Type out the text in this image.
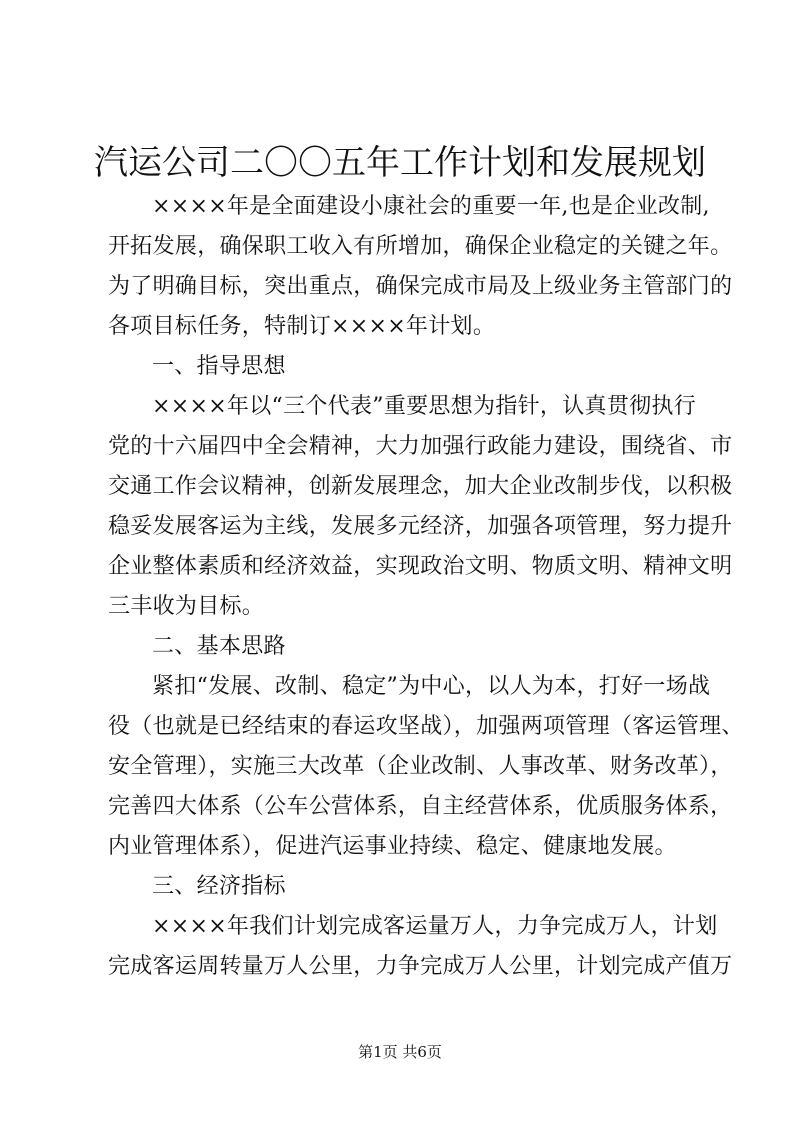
汽运公司二〇〇五年工作计划和发展规划
××××年是全面建设小康社会的重要一年,也是企业改制,
开拓发展，确保职工收入有所增加，确保企业稳定的关键之年。
为了明确目标，突出重点，确保完成市局及上级业务主管部门的
各项目标任务，特制订××××年计划。
一、指导思想
××××年以“三个代表”重要思想为指针，认真贯彻执行
党的十六届四中全会精神，大力加强行政能力建设，围绕省、市
交通工作会议精神，创新发展理念，加大企业改制步伐，以积极
稳妥发展客运为主线，发展多元经济，加强各项管理，努力提升
企业整体素质和经济效益，实现政治文明、物质文明、精神文明
三丰收为目标。
二、基本思路
紧扣“发展、改制、稳定”为中心，以人为本，打好一场战
役（也就是已经结束的春运攻坚战），加强两项管理（客运管理、
安全管理），实施三大改革（企业改制、人事改革、财务改革），
完善四大体系（公车公营体系，自主经营体系，优质服务体系，
内业管理体系），促进汽运事业持续、稳定、健康地发展。
三、经济指标
××××年我们计划完成客运量万人，力争完成万人，计划
完成客运周转量万人公里，力争完成万人公里，计划完成产值万
第1页 共6页
